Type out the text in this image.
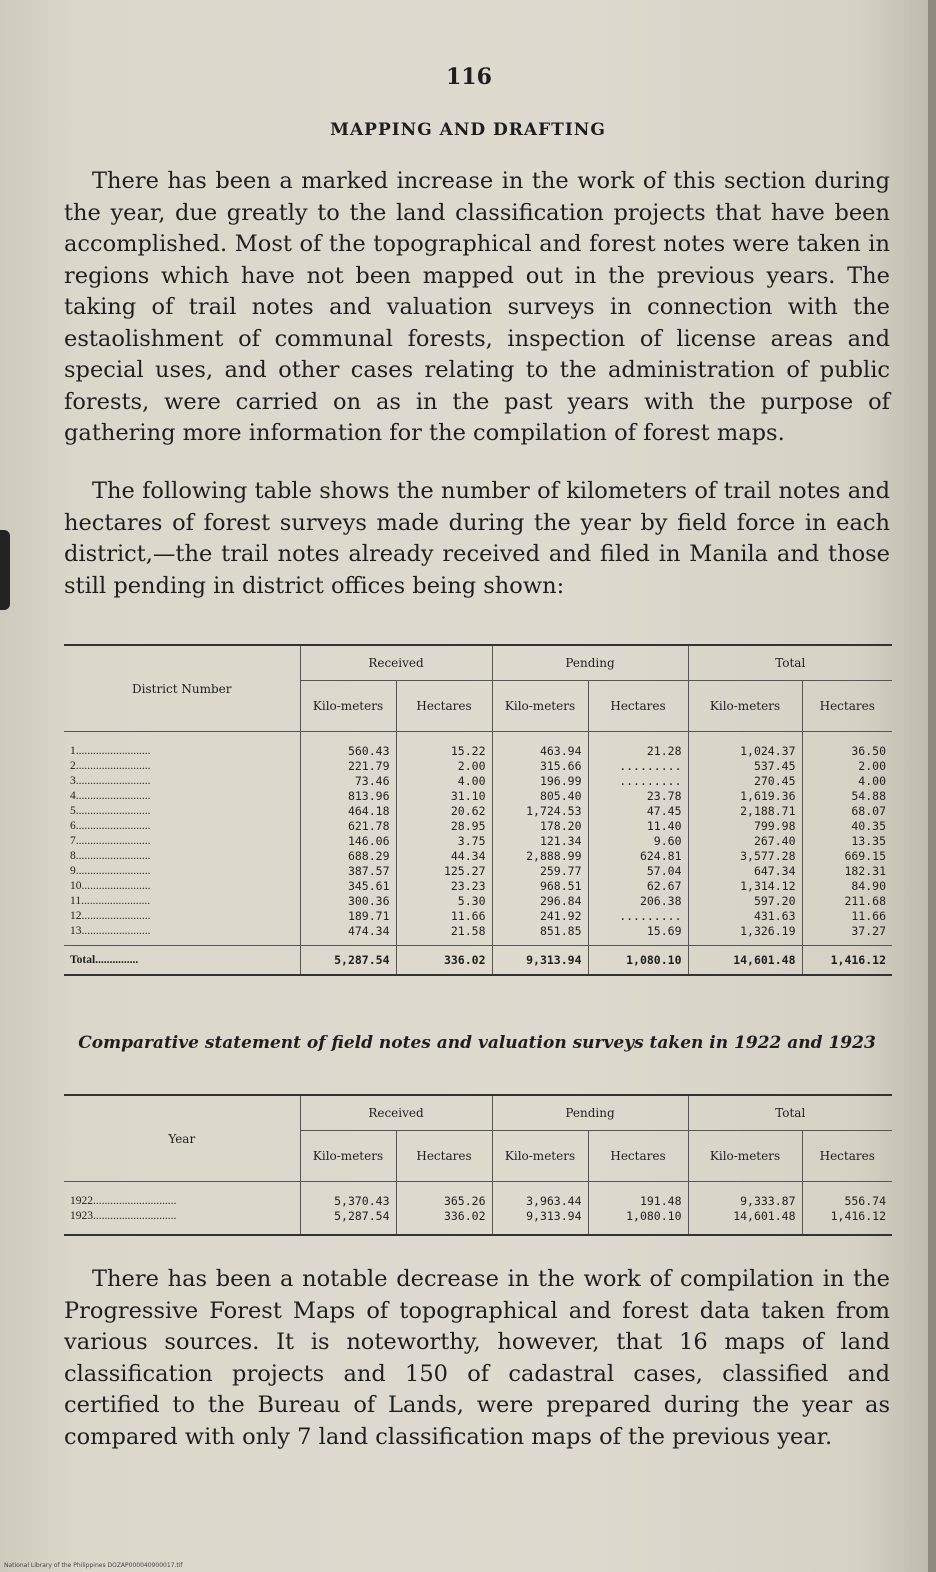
116
MAPPING AND DRAFTING

There has been a marked increase in the work of this section during the year, due greatly to the land classification projects that have been accomplished. Most of the topographical and forest notes were taken in regions which have not been mapped out in the previous years. The taking of trail notes and valuation surveys in connection with the estaolishment of communal forests, inspection of license areas and special uses, and other cases relating to the administration of public forests, were carried on as in the past years with the purpose of gathering more information for the compilation of forest maps.

The following table shows the number of kilometers of trail notes and hectares of forest surveys made during the year by field force in each district,—the trail notes already received and filed in Manila and those still pending in district offices being shown:

District Number	Received		Pending		Total	
	Kilo-meters	Hectares	Kilo-meters	Hectares	Kilo-meters	Hectares
1..........................	560.43	15.22	463.94	21.28	1,024.37	36.50
2..........................	221.79	2.00	315.66	.........	537.45	2.00
3..........................	73.46	4.00	196.99	.........	270.45	4.00
4..........................	813.96	31.10	805.40	23.78	1,619.36	54.88
5..........................	464.18	20.62	1,724.53	47.45	2,188.71	68.07
6..........................	621.78	28.95	178.20	11.40	799.98	40.35
7..........................	146.06	3.75	121.34	9.60	267.40	13.35
8..........................	688.29	44.34	2,888.99	624.81	3,577.28	669.15
9..........................	387.57	125.27	259.77	57.04	647.34	182.31
10........................	345.61	23.23	968.51	62.67	1,314.12	84.90
11........................	300.36	5.30	296.84	206.38	597.20	211.68
12........................	189.71	11.66	241.92	.........	431.63	11.66
13........................	474.34	21.58	851.85	15.69	1,326.19	37.27
Total...............	5,287.54	336.02	9,313.94	1,080.10	14,601.48	1,416.12
Comparative statement of field notes and valuation surveys taken in 1922 and 1923
Year	Received		Pending		Total	
	Kilo-meters	Hectares	Kilo-meters	Hectares	Kilo-meters	Hectares
1922.............................	5,370.43	365.26	3,963.44	191.48	9,333.87	556.74
1923.............................	5,287.54	336.02	9,313.94	1,080.10	14,601.48	1,416.12

There has been a notable decrease in the work of compilation in the Progressive Forest Maps of topographical and forest data taken from various sources. It is noteworthy, however, that 16 maps of land classification projects and 150 of cadastral cases, classified and certified to the Bureau of Lands, were prepared during the year as compared with only 7 land classification maps of the previous year.

National Library of the Philippines DOZAP000040900017.tif
